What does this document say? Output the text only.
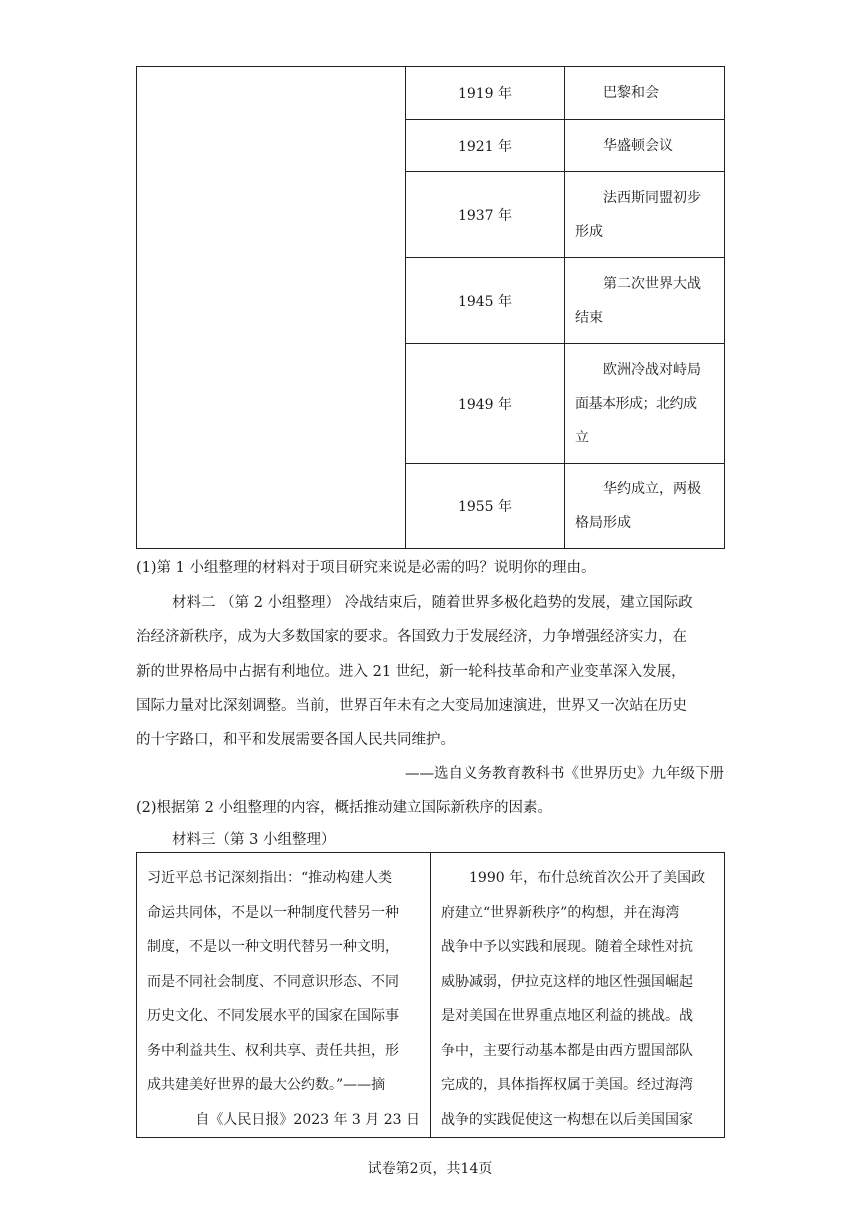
	1919 年	巴黎和会

	1921 年	华盛顿会议

	1937 年	法西斯同盟初步
形成

	1945 年	第二次世界大战
结束

	1949 年	欧洲冷战对峙局
面基本形成；北约成
立

	1955 年	华约成立，两极
格局形成
(1)第 1 小组整理的材料对于项目研究来说是必需的吗？说明你的理由。
材料二 （第 2 小组整理） 冷战结束后，随着世界多极化趋势的发展，建立国际政
治经济新秩序，成为大多数国家的要求。各国致力于发展经济，力争增强经济实力，在
新的世界格局中占据有利地位。进入 21 世纪，新一轮科技革命和产业变革深入发展，
国际力量对比深刻调整。当前，世界百年未有之大变局加速演进，世界又一次站在历史
的十字路口，和平和发展需要各国人民共同维护。
——选自义务教育教科书《世界历史》九年级下册
(2)根据第 2 小组整理的内容，概括推动建立国际新秩序的因素。
材料三（第 3 小组整理）
习近平总书记深刻指出：“推动构建人类
命运共同体，不是以一种制度代替另一种
制度，不是以一种文明代替另一种文明，
而是不同社会制度、不同意识形态、不同
历史文化、不同发展水平的国家在国际事
务中利益共生、权利共享、责任共担，形
成共建美好世界的最大公约数。”——摘
自《人民日报》2023 年 3 月 23 日

1990 年，布什总统首次公开了美国政
府建立“世界新秩序”的构想，并在海湾
战争中予以实践和展现。随着全球性对抗
威胁减弱，伊拉克这样的地区性强国崛起
是对美国在世界重点地区利益的挑战。战
争中，主要行动基本都是由西方盟国部队
完成的，具体指挥权属于美国。经过海湾
战争的实践促使这一构想在以后美国国家
试卷第2页，共14页
